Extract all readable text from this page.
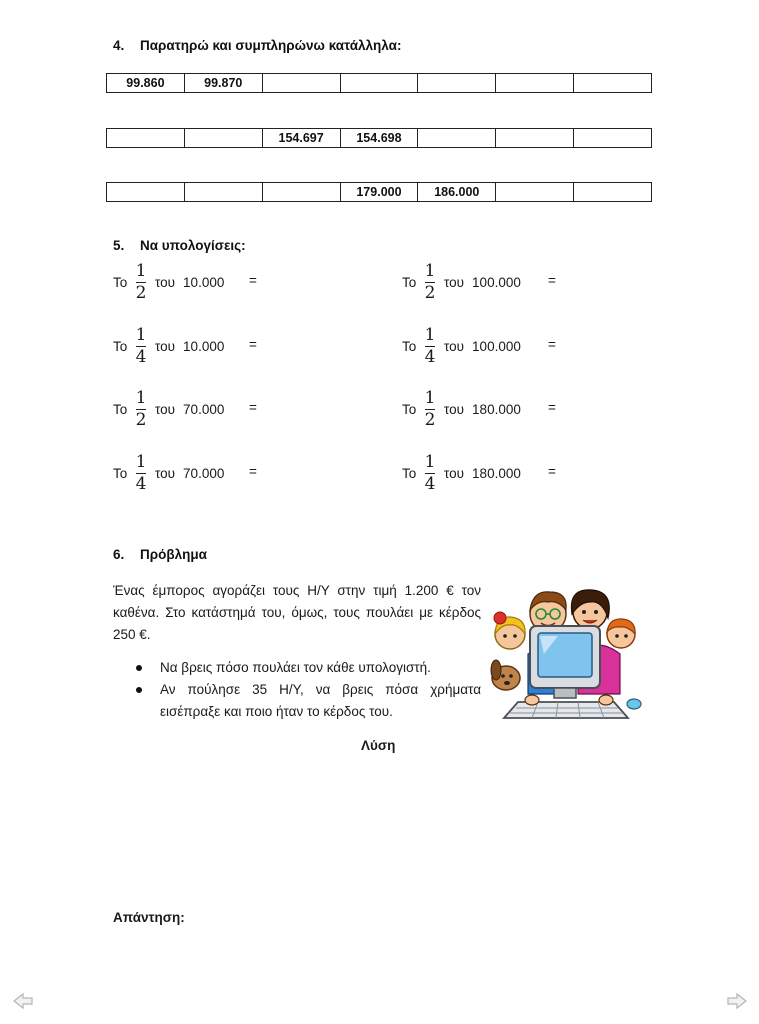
4. Παρατηρώ και συμπληρώνω κατάλληλα:
99.860	99.870					
		154.697	154.698			
			179.000	186.000		
5. Να υπολογίσεις:
Το $\frac{1}{2}$ του 10.000 =	Το $\frac{1}{2}$ του 100.000 =
Το $\frac{1}{4}$ του 10.000 =	Το $\frac{1}{4}$ του 100.000 =
Το $\frac{1}{2}$ του 70.000 =	Το $\frac{1}{2}$ του 180.000 =
Το $\frac{1}{4}$ του 70.000 =	Το $\frac{1}{4}$ του 180.000 =
6. Πρόβλημα
Ένας έμπορος αγοράζει τους Η/Υ στην τιμή 1.200 € τον καθένα. Στο κατάστημά του, όμως, τους πουλάει με κέρδος 250 €.
Να βρεις πόσο πουλάει τον κάθε υπολογιστή.
Αν πούλησε 35 Η/Υ, να βρεις πόσα χρήματα εισέπραξε και ποιο ήταν το κέρδος του.
Λύση
Απάντηση:
